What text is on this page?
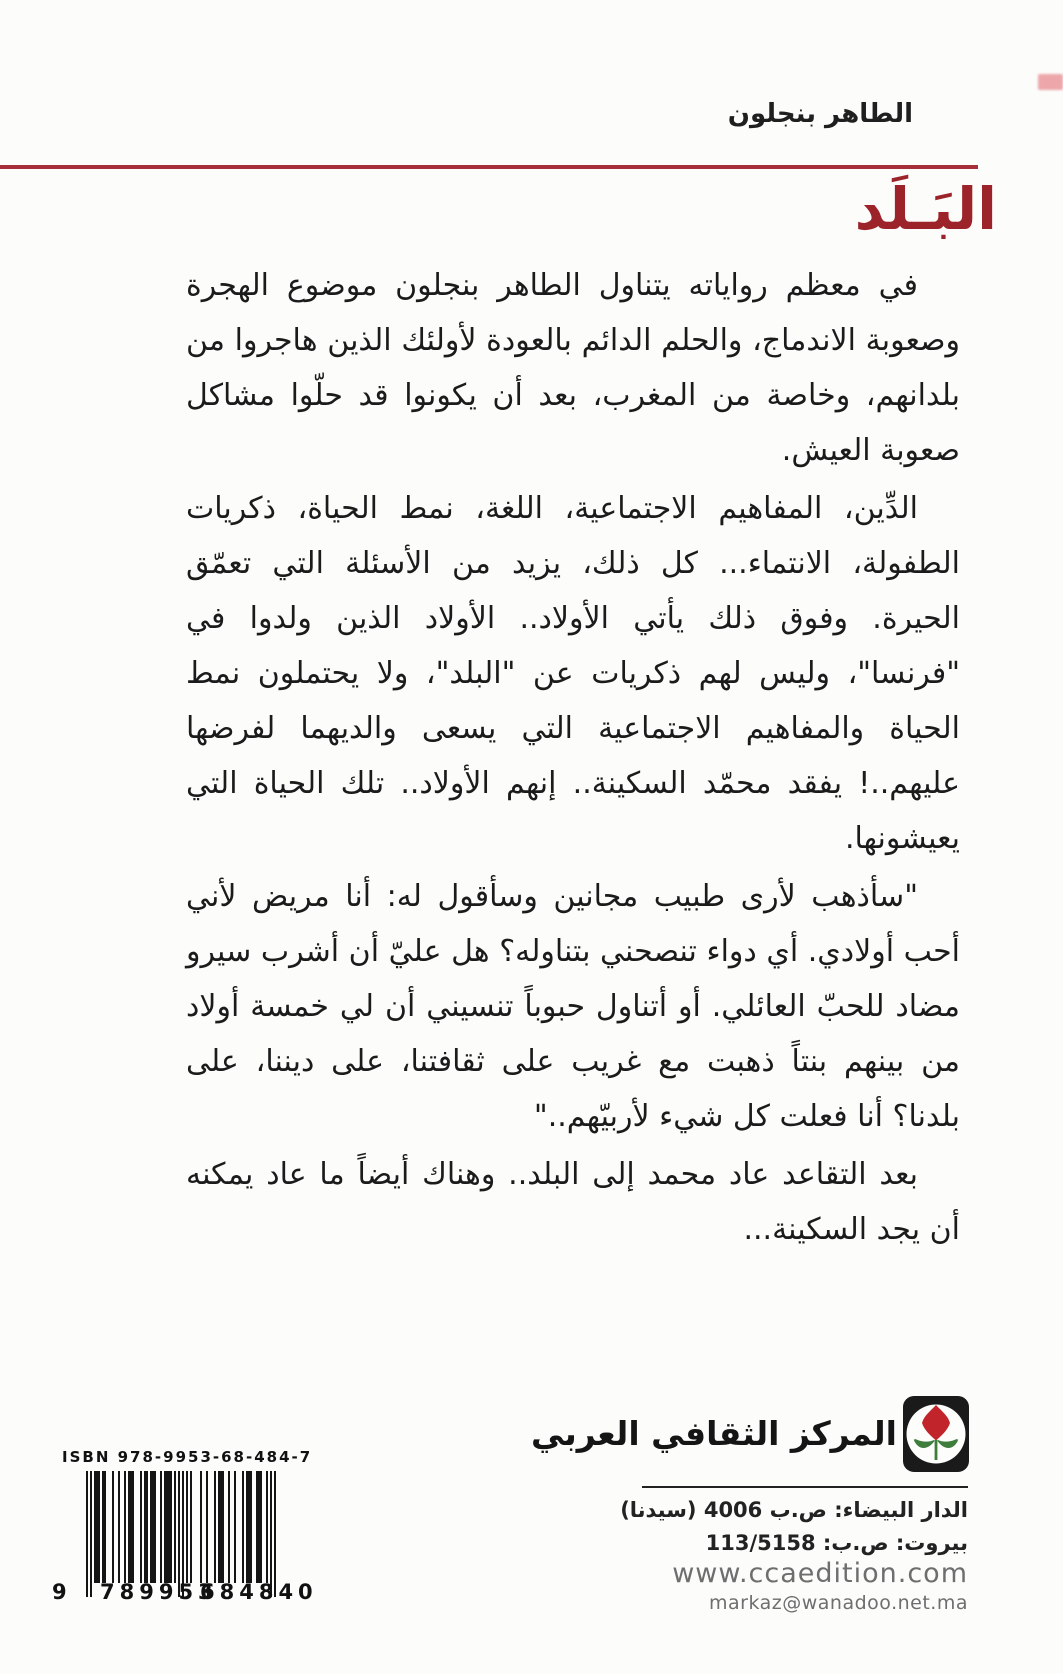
الطاهر بنجلون
البَـلَد

في معظم رواياته يتناول الطاهر بنجلون موضوع الهجرة وصعوبة الاندماج، والحلم الدائم بالعودة لأولئك الذين هاجروا من بلدانهم، وخاصة من المغرب، بعد أن يكونوا قد حلّوا مشاكل صعوبة العيش.

الدِّين، المفاهيم الاجتماعية، اللغة، نمط الحياة، ذكريات الطفولة، الانتماء... كل ذلك، يزيد من الأسئلة التي تعمّق الحيرة. وفوق ذلك يأتي الأولاد.. الأولاد الذين ولدوا في "فرنسا"، وليس لهم ذكريات عن "البلد"، ولا يحتملون نمط الحياة والمفاهيم الاجتماعية التي يسعى والديهما لفرضها عليهم..! يفقد محمّد السكينة.. إنهم الأولاد.. تلك الحياة التي يعيشونها.

"سأذهب لأرى طبيب مجانين وسأقول له: أنا مريض لأني أحب أولادي. أي دواء تنصحني بتناوله؟ هل عليّ أن أشرب سيرو مضاد للحبّ العائلي. أو أتناول حبوباً تنسيني أن لي خمسة أولاد من بينهم بنتاً ذهبت مع غريب على ثقافتنا، على ديننا، على بلدنا؟ أنا فعلت كل شيء لأربيّهم.."

بعد التقاعد عاد محمد إلى البلد.. وهناك أيضاً ما عاد يمكنه أن يجد السكينة...

ISBN 978-9953-68-484-7
9 789953
684840
المركز الثقافي العربي
الدار البيضاء: ص.ب 4006 (سيدنا)
بيروت: ص.ب: 113/5158
www.ccaedition.com
markaz@wanadoo.net.ma
